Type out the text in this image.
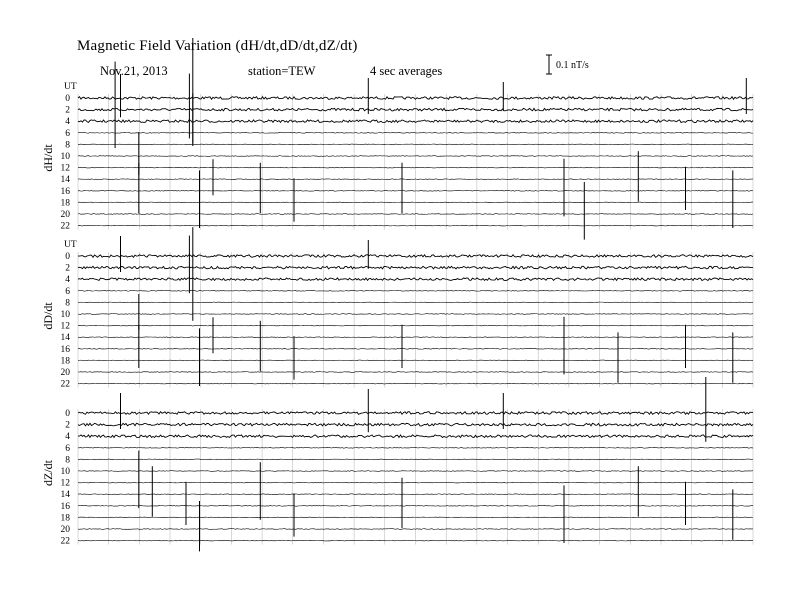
Magnetic Field Variation (dH/dt,dD/dt,dZ/dt)
Nov.21, 2013	station=TEW	4 sec averages	0.1 nT/s
UT
dH/dt
0
2
4
6
8
10
12
14
16
18
20
22
UT
dD/dt
0
2
4
6
8
10
12
14
16
18
20
22
dZ/dt
0
2
4
6
8
10
12
14
16
18
20
22
